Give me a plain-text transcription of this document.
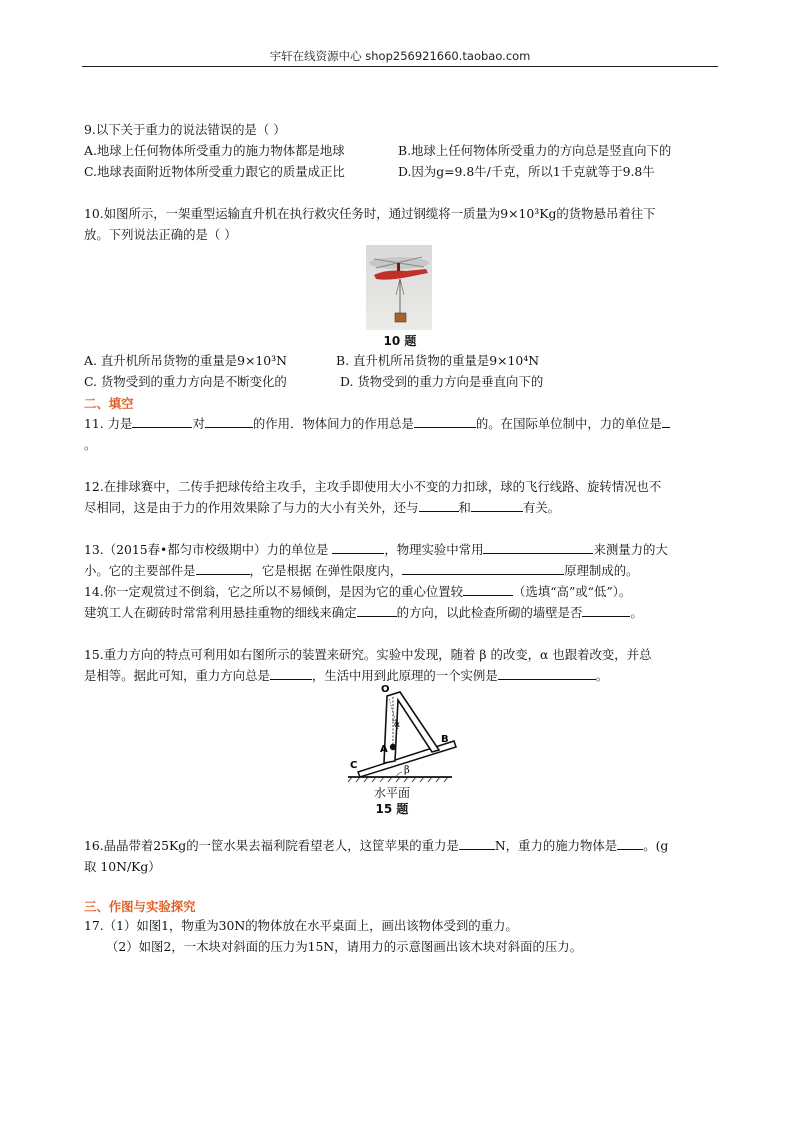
宇轩在线资源中心 shop256921660.taobao.com
9.以下关于重力的说法错误的是（ ）
A.地球上任何物体所受重力的施力物体都是地球	B.地球上任何物体所受重力的方向总是竖直向下的
C.地球表面附近物体所受重力跟它的质量成正比	D.因为g=9.8牛/千克，所以1千克就等于9.8牛
10.如图所示，一架重型运输直升机在执行救灾任务时，通过钢缆将一质量为9×10³Kg的货物悬吊着往下
放。下列说法正确的是（ ）
10 题
A. 直升机所吊货物的重量是9×10³N	B. 直升机所吊货物的重量是9×10⁴N
C. 货物受到的重力方向是不断变化的	D. 货物受到的重力方向是垂直向下的
二、填空
11. 力是	对	的作用．物体间力的作用总是	的。在国际单位制中，力的单位是
。
12.在排球赛中，二传手把球传给主攻手，主攻手即使用大小不变的力扣球，球的飞行线路、旋转情况也不
尽相同，这是由于力的作用效果除了与力的大小有关外，还与	和	有关。
13.（2015春•都匀市校级期中）力的单位是	，物理实验中常用	来测量力的大
小。它的主要部件是	，它是根据 在弹性限度内，	原理制成的。
14.你一定观赏过不倒翁，它之所以不易倾倒，是因为它的重心位置较	（选填“高”或“低”）。
建筑工人在砌砖时常常利用悬挂重物的细线来确定	的方向，以此检查所砌的墙壁是否	。
15.重力方向的特点可利用如右图所示的装置来研究。实验中发现，随着 β 的改变，α 也跟着改变，并总
是相等。据此可知，重力方向总是	，生活中用到此原理的一个实例是	。
O
α
A
B
C	β
水平面
15 题
16.晶晶带着25Kg的一筐水果去福利院看望老人，这筐苹果的重力是	N，重力的施力物体是 。(g
取 10N/Kg）
三、作图与实验探究
17.（1）如图1，物重为30N的物体放在水平桌面上，画出该物体受到的重力。
（2）如图2，一木块对斜面的压力为15N，请用力的示意图画出该木块对斜面的压力。
